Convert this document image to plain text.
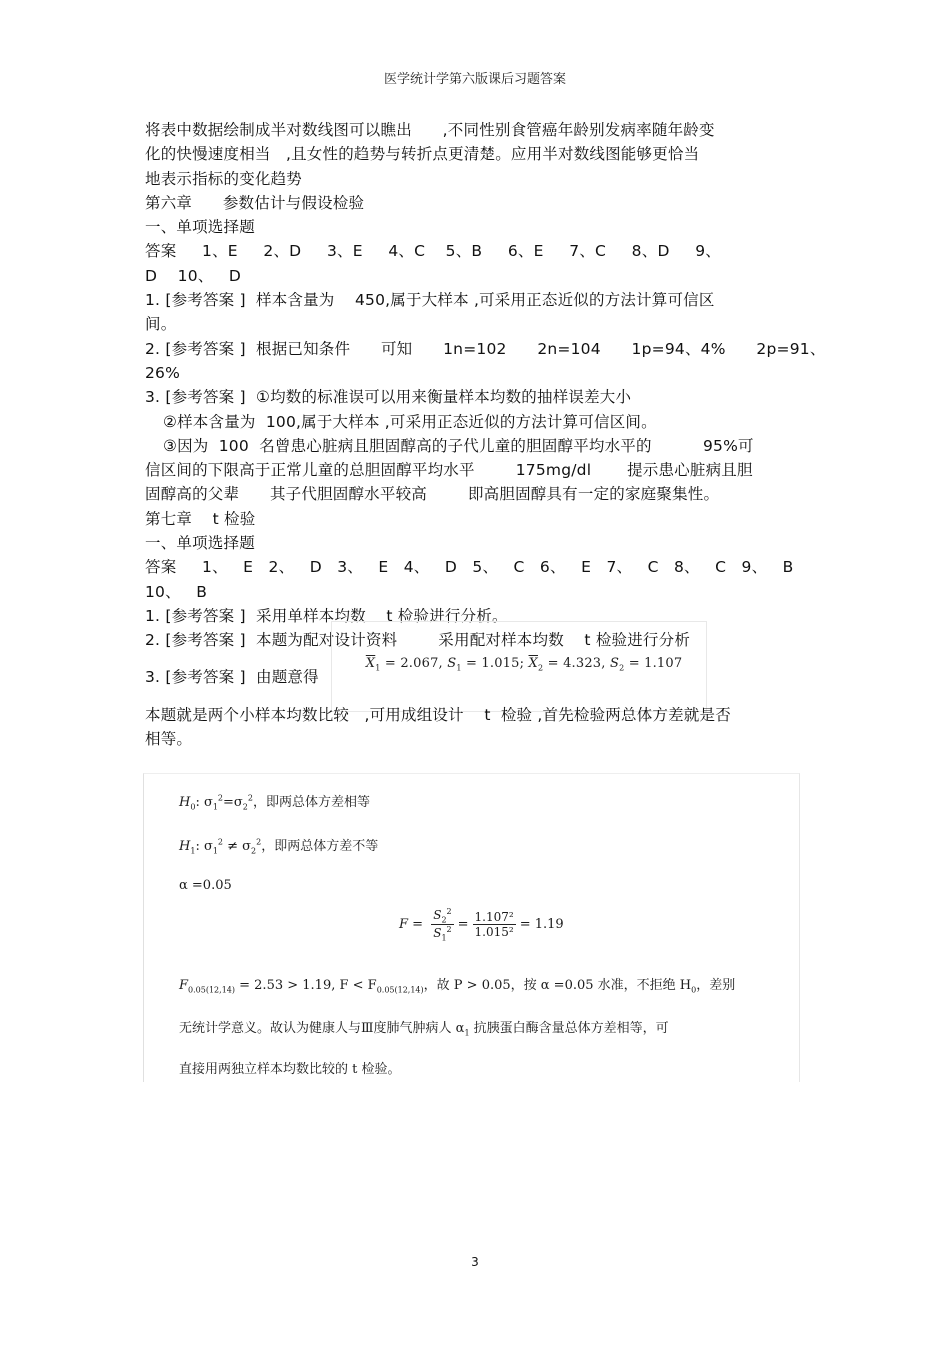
医学统计学第六版课后习题答案
将表中数据绘制成半对数线图可以瞧出      ,不同性别食管癌年龄别发病率随年龄变
化的快慢速度相当   ,且女性的趋势与转折点更清楚。应用半对数线图能够更恰当
地表示指标的变化趋势
第六章      参数估计与假设检验
一、单项选择题
答案     1、E     2、D     3、E     4、C    5、B     6、E     7、C     8、D     9、
D    10、   D
1. [参考答案 ]  样本含量为    450,属于大样本 ,可采用正态近似的方法计算可信区
间。
2. [参考答案 ]  根据已知条件      可知      1n=102      2n=104      1p=94、4%      2p=91、
26%
3. [参考答案 ]  ①均数的标准误可以用来衡量样本均数的抽样误差大小
②样本含量为  100,属于大样本 ,可采用正态近似的方法计算可信区间。
③因为  100  名曾患心脏病且胆固醇高的子代儿童的胆固醇平均水平的          95%可
信区间的下限高于正常儿童的总胆固醇平均水平        175mg/dl       提示患心脏病且胆
固醇高的父辈      其子代胆固醇水平较高        即高胆固醇具有一定的家庭聚集性。
第七章    t 检验
一、单项选择题
答案     1、   E   2、   D   3、   E   4、   D   5、   C   6、   E   7、   C   8、   C   9、   B
10、   B
1. [参考答案 ]  采用单样本均数    t 检验进行分析。
2. [参考答案 ]  本题为配对设计资料        采用配对样本均数    t 检验进行分析
3. [参考答案 ]  由题意得

$\overline{X}_1 = 2.067$, $S_1 = 1.015$; $\overline{X}_2 = 4.323$, $S_2 = 1.107$

本题就是两个小样本均数比较   ,可用成组设计    t  检验 ,首先检验两总体方差就是否
相等。
$H_0$: $\sigma_1^2=\sigma_2^2$，即两总体方差相等
$H_1$: $\sigma_1^2 \ne \sigma_2^2$，即两总体方差不等
α =0.05
$F = \frac{S_2^2}{S_1^2} = \frac{\text{1.107²}}{\text{1.015²}} = 1.19$
$F_{0.05(12,14)} = 2.53 > 1.19$, $F < F_{0.05(12,14)}$，故 P > 0.05，按 α =0.05 水准，不拒绝 $H_0$，差别
无统计学意义。故认为健康人与Ⅲ度肺气肿病人 $\alpha_1$ 抗胰蛋白酶含量总体方差相等，可
直接用两独立样本均数比较的 t 检验。
3
